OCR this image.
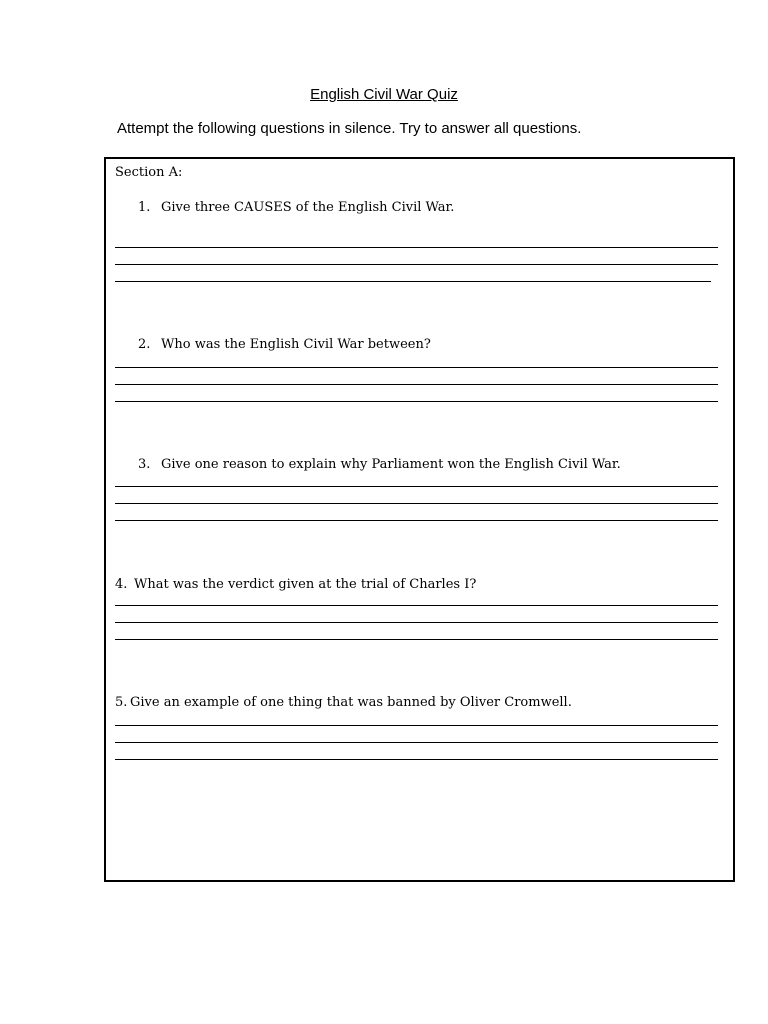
English Civil War Quiz
Attempt the following questions in silence. Try to answer all questions.
Section A:
1. Give three CAUSES of the English Civil War.
2. Who was the English Civil War between?
3. Give one reason to explain why Parliament won the English Civil War.
4. What was the verdict given at the trial of Charles I?
5. Give an example of one thing that was banned by Oliver Cromwell.
